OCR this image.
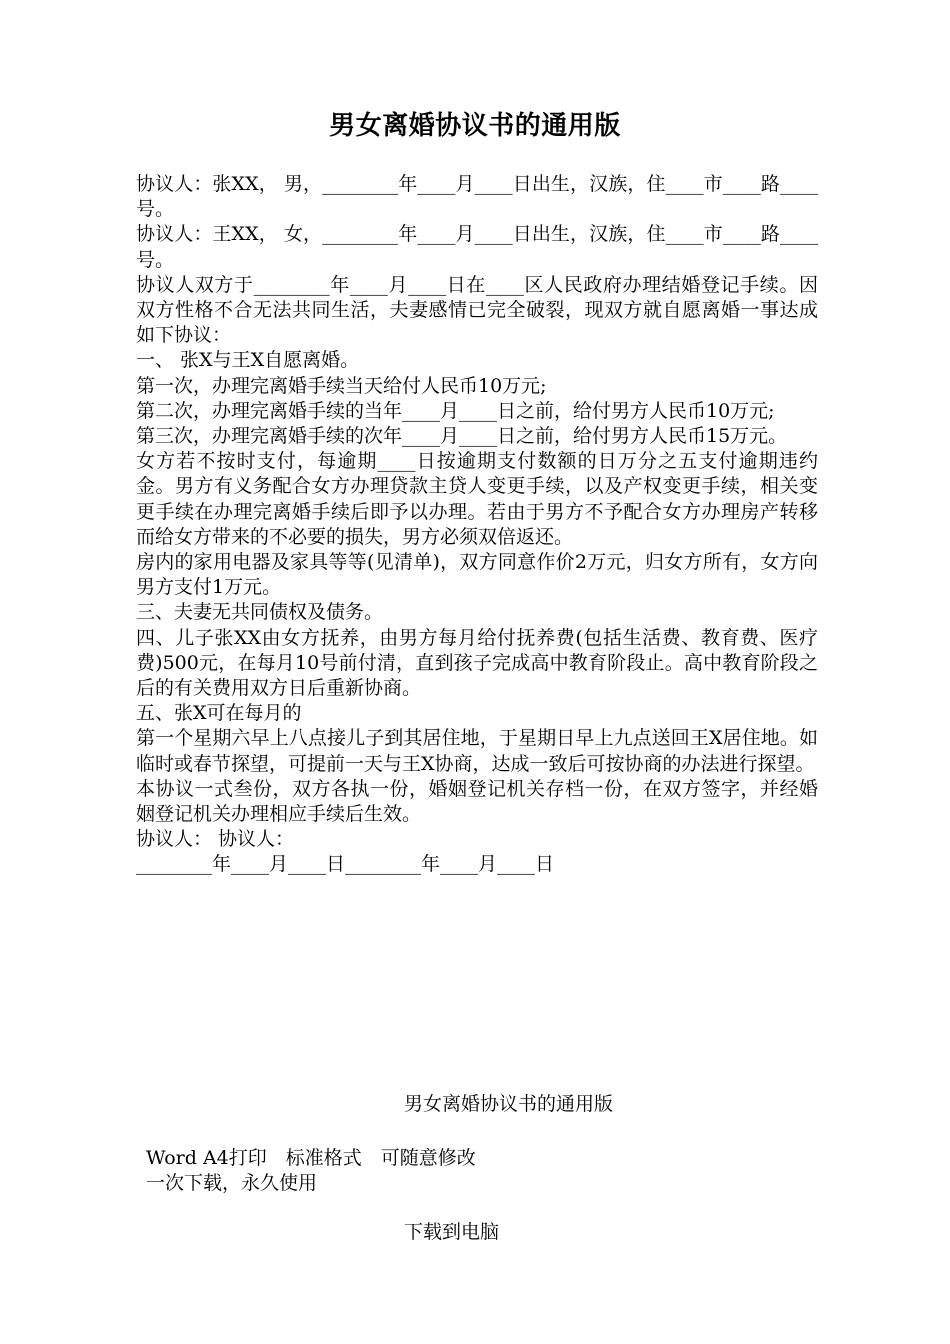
男女离婚协议书的通用版

协议人：张XX， 男，________年____月____日出生，汉族，住____市____路____号。

协议人：王XX， 女，________年____月____日出生，汉族，住____市____路____号。

协议人双方于________年____月____日在____区人民政府办理结婚登记手续。因双方性格不合无法共同生活，夫妻感情已完全破裂，现双方就自愿离婚一事达成如下协议：

一、 张X与王X自愿离婚。

第一次，办理完离婚手续当天给付人民币10万元;

第二次，办理完离婚手续的当年____月____日之前，给付男方人民币10万元;

第三次，办理完离婚手续的次年____月____日之前，给付男方人民币15万元。

女方若不按时支付，每逾期____日按逾期支付数额的日万分之五支付逾期违约金。男方有义务配合女方办理贷款主贷人变更手续，以及产权变更手续，相关变更手续在办理完离婚手续后即予以办理。若由于男方不予配合女方办理房产转移而给女方带来的不必要的损失，男方必须双倍返还。

房内的家用电器及家具等等(见清单)，双方同意作价2万元，归女方所有，女方向男方支付1万元。

三、夫妻无共同债权及债务。

四、儿子张XX由女方抚养，由男方每月给付抚养费(包括生活费、教育费、医疗费)500元，在每月10号前付清，直到孩子完成高中教育阶段止。高中教育阶段之后的有关费用双方日后重新协商。

五、张X可在每月的

第一个星期六早上八点接儿子到其居住地，于星期日早上九点送回王X居住地。如临时或春节探望，可提前一天与王X协商，达成一致后可按协商的办法进行探望。

本协议一式叁份，双方各执一份，婚姻登记机关存档一份，在双方签字，并经婚姻登记机关办理相应手续后生效。

协议人： 协议人：

________年____月____日________年____月____日

男女离婚协议书的通用版
Word A4打印　标准格式　可随意修改
一次下载，永久使用
下载到电脑
